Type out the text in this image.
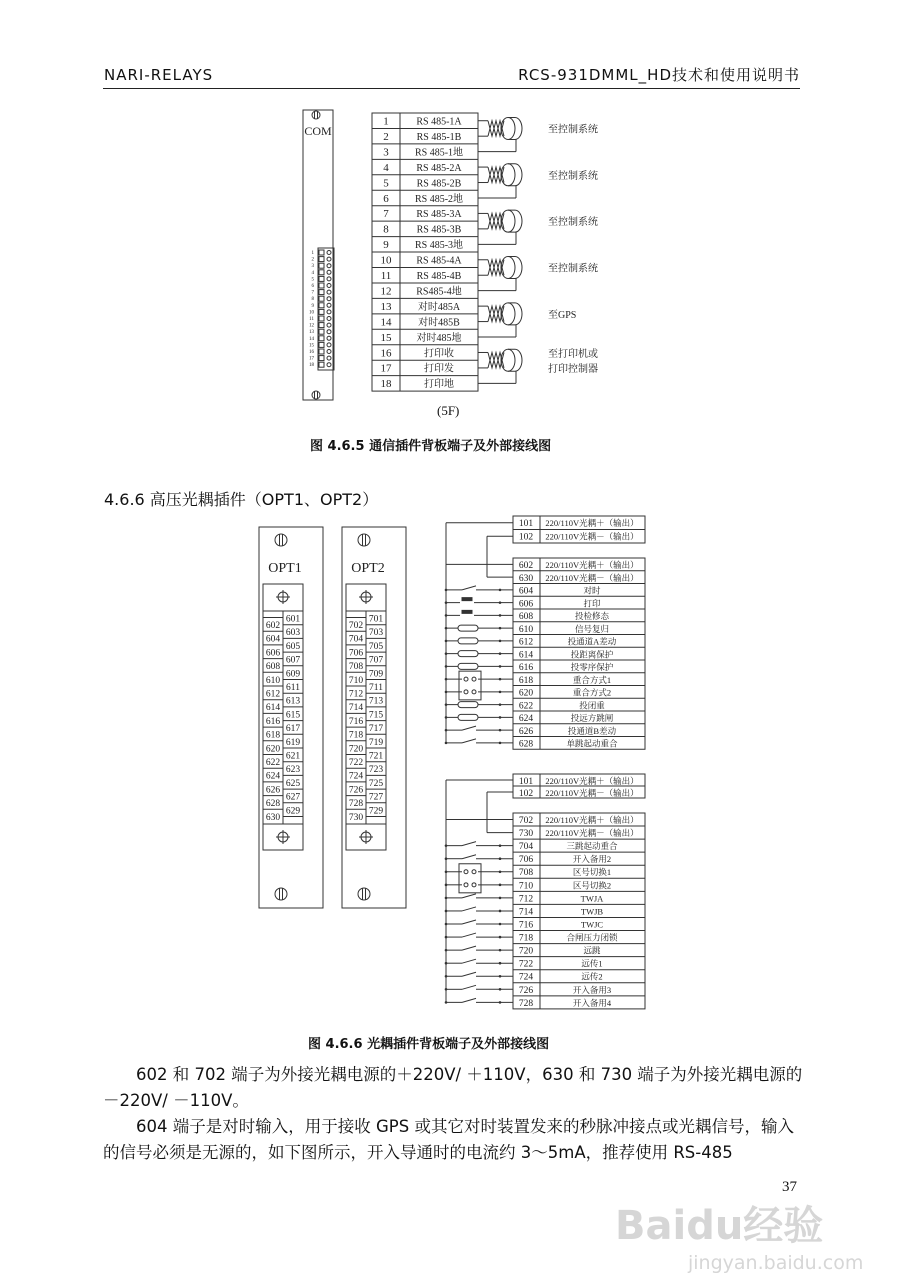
NARI-RELAYS	RCS-931DMML_HD技术和使用说明书
COM
1
2
3
4
5
6
7
8
9
10
11
12
13
14
15
16
17
18
1	RS 485-1A
2	RS 485-1B
3	RS 485-1地
4	RS 485-2A
5	RS 485-2B
6	RS 485-2地
7	RS 485-3A
8	RS 485-3B
9	RS 485-3地
10 RS 485-4A
11	RS 485-4B
12 RS485-4地
13	对时485A
14	对时485B
15	对时485地
16	打印收
17	打印发
18	打印地
至控制系统
至控制系统
至控制系统
至控制系统
至GPS
至打印机或
打印控制器
OPT1
601
603
605
607
609
611
613
615
617
619
621
623
625
627
629
602
604
606
608
610
612
614
616
618
620
622
624
626
628
630
OPT2
701
703
705
707
709
711
713
715
717
719
721
723
725
727
729
702
704
706
708
710
712
714
716
718
720
722
724
726
728
730
101 220/110V光耦＋（输出）
102 220/110V光耦－（输出）
602 220/110V光耦＋（输出）
630 220/110V光耦－（输出）
604	对时
606	打印
608	投检修态
610	信号复归
612	投通道A差动
614	投距离保护
616	投零序保护
618	重合方式1
620	重合方式2
622	投闭重
624	投远方跳闸
626	投通道B差动
628	单跳起动重合
101 220/110V光耦＋（输出）
102 220/110V光耦－（输出）
702 220/110V光耦＋（输出）
730 220/110V光耦－（输出）
704	三跳起动重合
706	开入备用2
708	区号切换1
710	区号切换2
712	TWJA
714	TWJB
716	TWJC
718	合闸压力闭锁
720	远跳
722	远传1
724	远传2
726	开入备用3
728	开入备用4
(5F)
图 4.6.5 通信插件背板端子及外部接线图
4.6.6 高压光耦插件（OPT1、OPT2）
图 4.6.6 光耦插件背板端子及外部接线图
602 和 702 端子为外接光耦电源的＋220V/ ＋110V，630 和 730 端子为外接光耦电源的－220V/ －110V。
604 端子是对时输入，用于接收 GPS 或其它对时装置发来的秒脉冲接点或光耦信号，输入的信号必须是无源的，如下图所示，开入导通时的电流约 3～5mA，推荐使用 RS-485
37
Baidu经验
jingyan.baidu.com
